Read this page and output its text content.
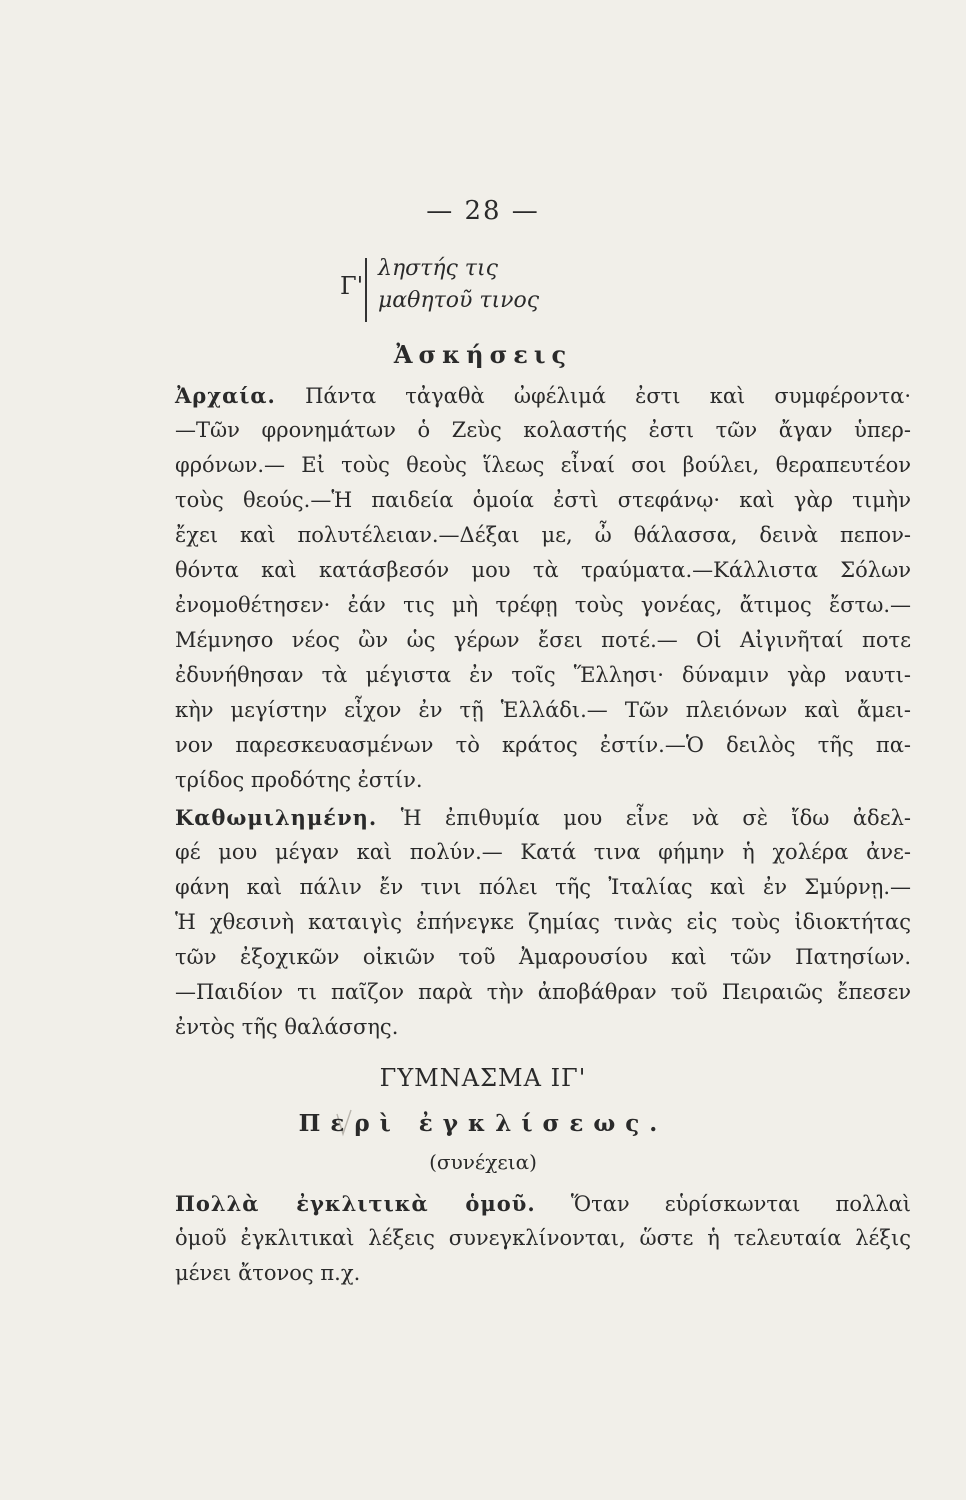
— 28 —
Γ'
ληστής τις
μαθητοῦ τινος
Ἀσκήσεις
Ἀρχαία. Πάντα τἀγαθὰ ὠφέλιμά ἐστι καὶ συμφέροντα·
—Τῶν φρονημάτων ὁ Ζεὺς κολαστής ἐστι τῶν ἄγαν ὑπερ-
φρόνων.— Εἰ τοὺς θεοὺς ἵλεως εἶναί σοι βούλει, θεραπευτέον
τοὺς θεούς.—Ἡ παιδεία ὁμοία ἐστὶ στεφάνῳ· καὶ γὰρ τιμὴν
ἔχει καὶ πολυτέλειαν.—Δέξαι με, ὦ θάλασσα, δεινὰ πεπον-
θόντα καὶ κατάσβεσόν μου τὰ τραύματα.—Κάλλιστα Σόλων
ἐνομοθέτησεν· ἐάν τις μὴ τρέφῃ τοὺς γονέας, ἄτιμος ἔστω.—
Μέμνησο νέος ὢν ὡς γέρων ἔσει ποτέ.— Οἱ Αἰγινῆταί ποτε
ἐδυνήθησαν τὰ μέγιστα ἐν τοῖς Ἕλλησι· δύναμιν γὰρ ναυτι-
κὴν μεγίστην εἶχον ἐν τῇ Ἑλλάδι.— Τῶν πλειόνων καὶ ἄμει-
νον παρεσκευασμένων τὸ κράτος ἐστίν.—Ὁ δειλὸς τῆς πα-
τρίδος προδότης ἐστίν.
Καθωμιλημένη. Ἡ ἐπιθυμία μου εἶνε νὰ σὲ ἴδω ἀδελ-
φέ μου μέγαν καὶ πολύν.— Κατά τινα φήμην ἡ χολέρα ἀνε-
φάνη καὶ πάλιν ἔν τινι πόλει τῆς Ἰταλίας καὶ ἐν Σμύρνῃ.—
Ἡ χθεσινὴ καταιγὶς ἐπήνεγκε ζημίας τινὰς εἰς τοὺς ἰδιοκτήτας
τῶν ἐξοχικῶν οἰκιῶν τοῦ Ἀμαρουσίου καὶ τῶν Πατησίων.
—Παιδίον τι παῖζον παρὰ τὴν ἀποβάθραν τοῦ Πειραιῶς ἔπεσεν
ἐντὸς τῆς θαλάσσης.
ΓΥΜΝΑΣΜΑ ΙΓ'
Περὶ ἐγκλίσεως.
(συνέχεια)
Πολλὰ ἐγκλιτικὰ ὁμοῦ. Ὅταν εὑρίσκωνται πολλαὶ
ὁμοῦ ἐγκλιτικαὶ λέξεις συνεγκλίνονται, ὥστε ἡ τελευταία λέξις
μένει ἄτονος π.χ.
